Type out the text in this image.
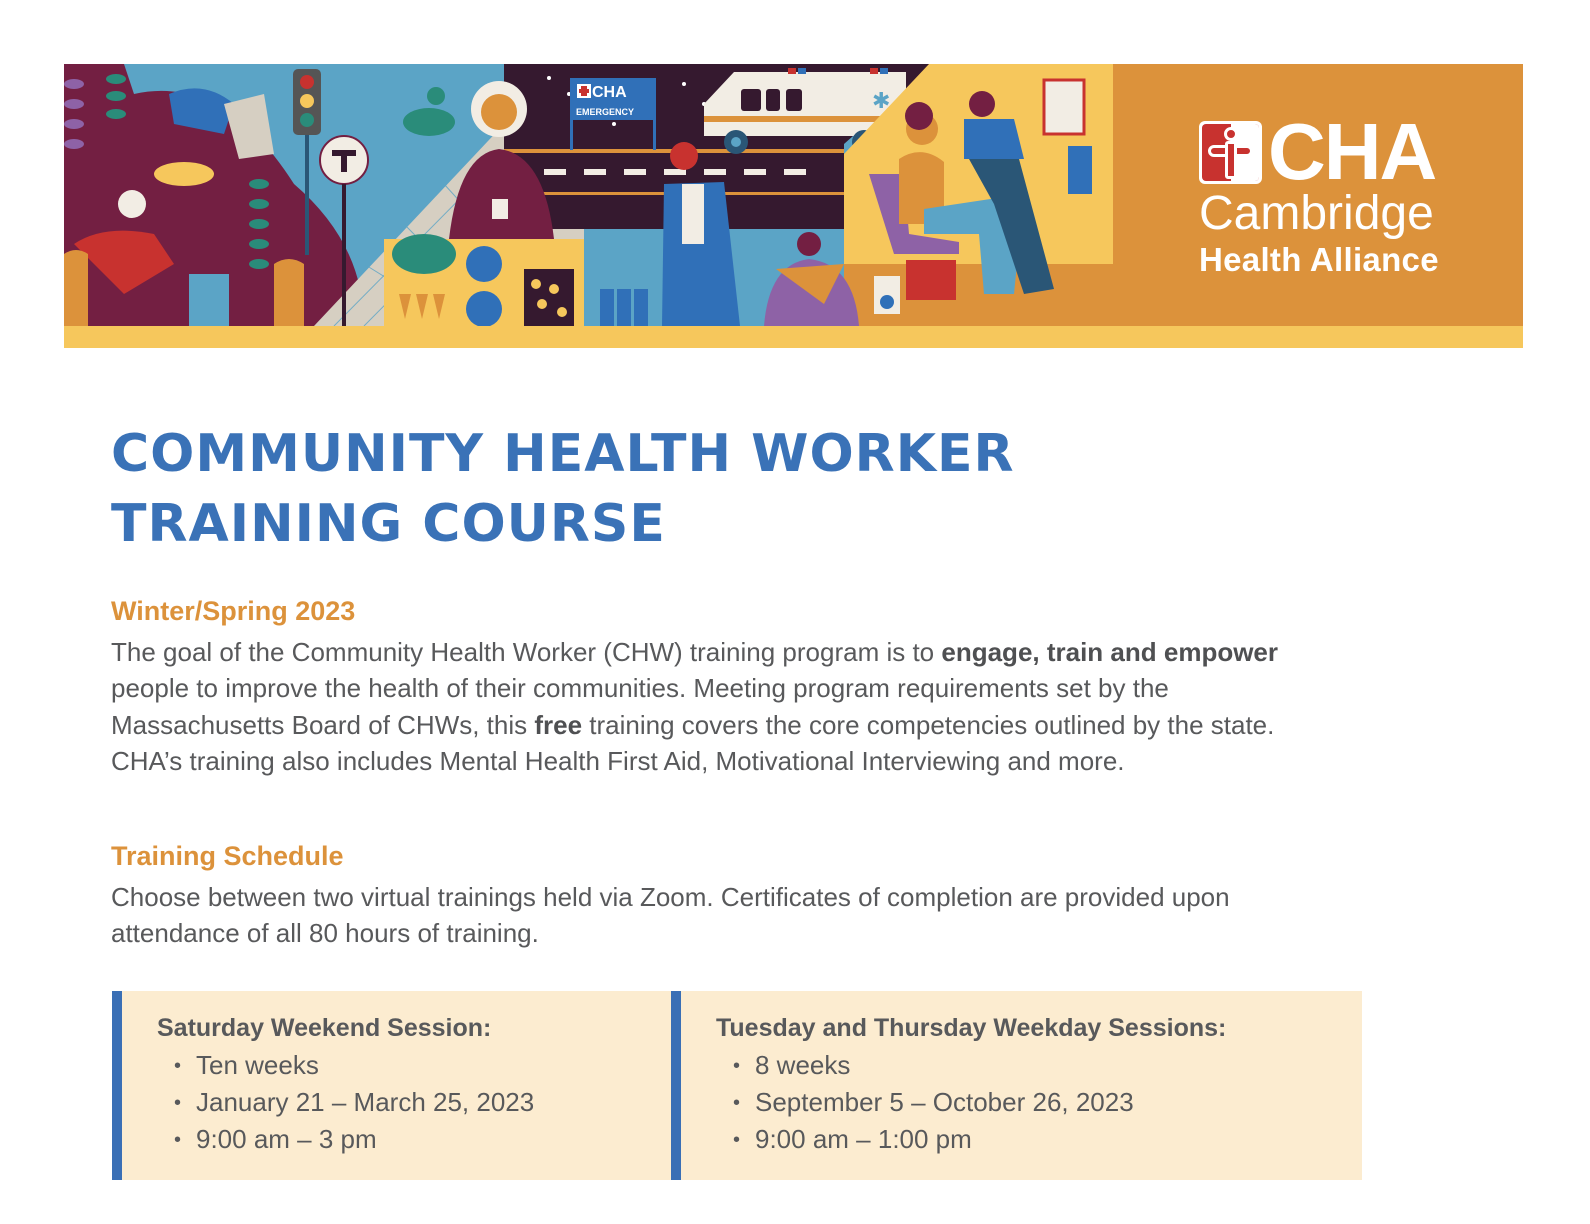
CHA
EMERGENCY	✱
CHA
Cambridge
Health Alliance
COMMUNITY HEALTH WORKER
TRAINING COURSE
Winter/Spring 2023

The goal of the Community Health Worker (CHW) training program is to engage, train and empower people to improve the health of their communities. Meeting program requirements set by the Massachusetts Board of CHWs, this free training covers the core competencies outlined by the state. CHA’s training also includes Mental Health First Aid, Motivational Interviewing and more.

Training Schedule

Choose between two virtual trainings held via Zoom. Certificates of completion are provided upon attendance of all 80 hours of training.

Saturday Weekend Session:
• Ten weeks
• January 21 – March 25, 2023
• 9:00 am – 3 pm
Tuesday and Thursday Weekday Sessions:
• 8 weeks
• September 5 – October 26, 2023
• 9:00 am – 1:00 pm
